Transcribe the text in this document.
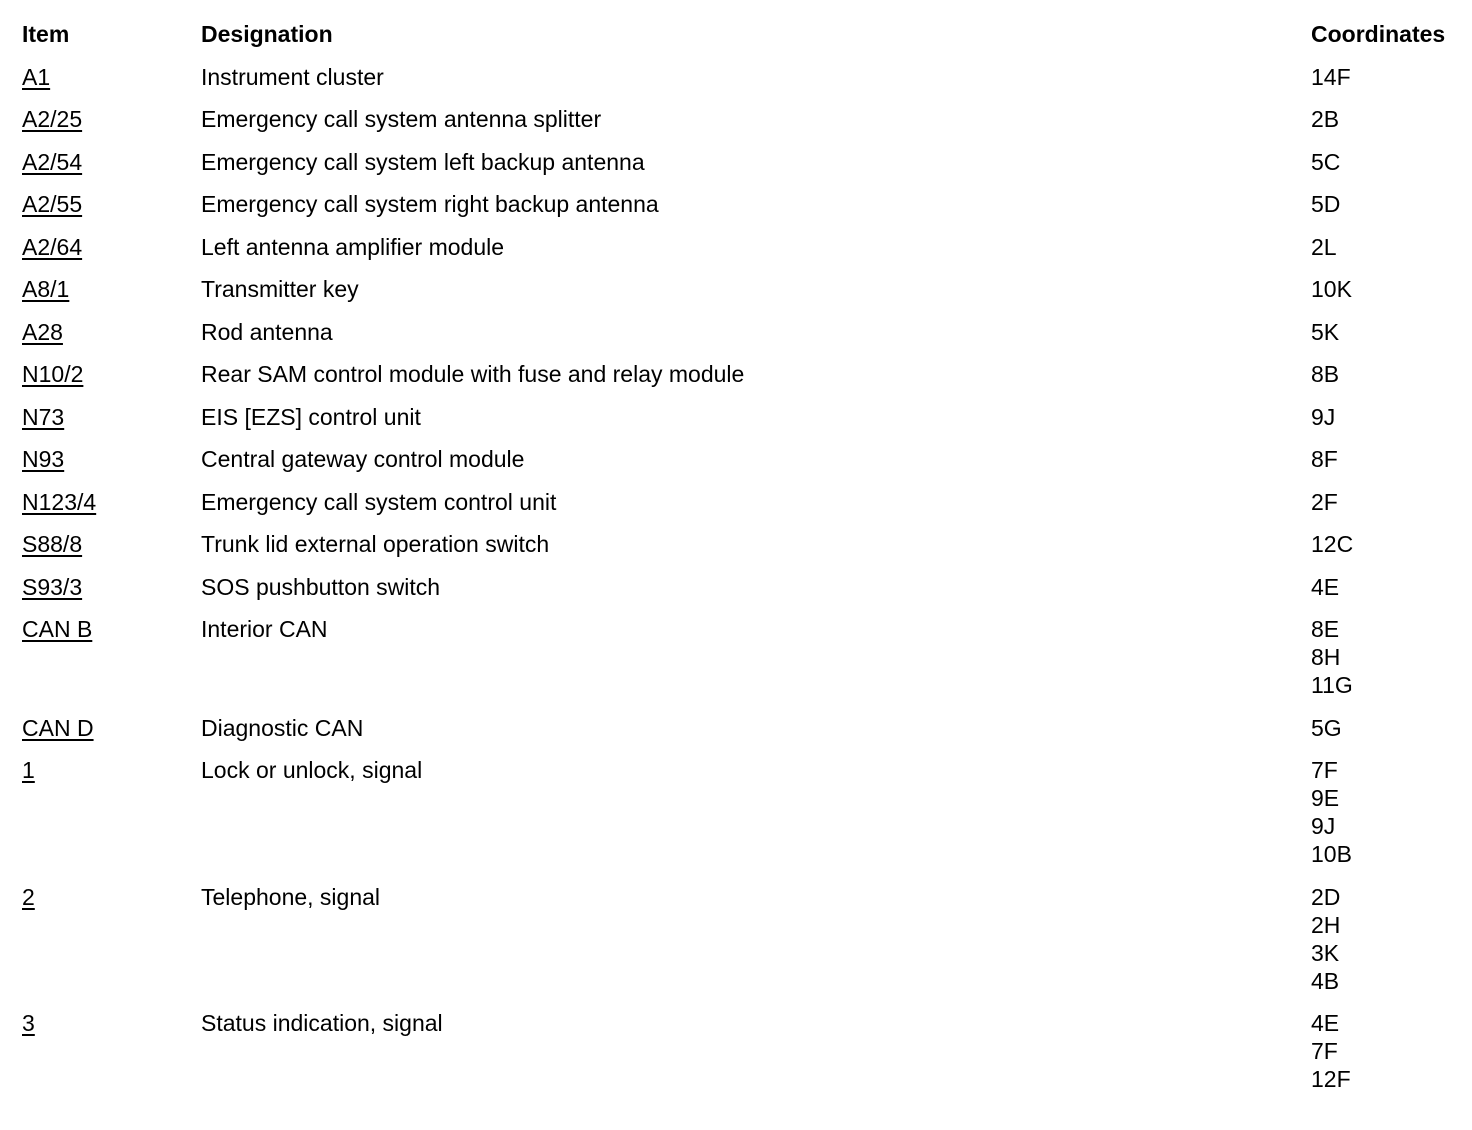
Item	Designation	Coordinates
A1	Instrument cluster	14F
A2/25	Emergency call system antenna splitter	2B
A2/54	Emergency call system left backup antenna	5C
A2/55	Emergency call system right backup antenna	5D
A2/64	Left antenna amplifier module	2L
A8/1	Transmitter key	10K
A28	Rod antenna	5K
N10/2	Rear SAM control module with fuse and relay module	8B
N73	EIS [EZS] control unit	9J
N93	Central gateway control module	8F
N123/4	Emergency call system control unit	2F
S88/8	Trunk lid external operation switch	12C
S93/3	SOS pushbutton switch	4E
CAN B	Interior CAN	8E
8H
11G
CAN D	Diagnostic CAN	5G
1	Lock or unlock, signal	7F
9E
9J
10B
2	Telephone, signal	2D
2H
3K
4B
3	Status indication, signal	4E
7F
12F
